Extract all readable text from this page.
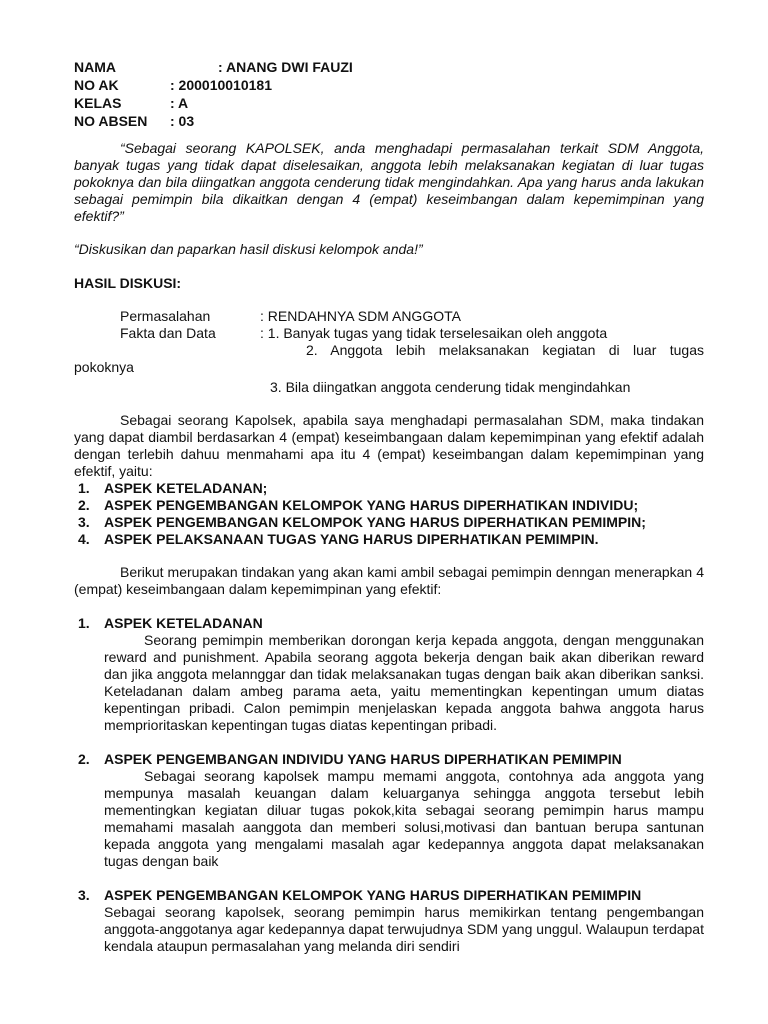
NAMA	: ANANG DWI FAUZI
NO AK	: 200010010181
KELAS	: A
NO ABSEN	: 03

“Sebagai seorang KAPOLSEK, anda menghadapi permasalahan terkait SDM Anggota, banyak tugas yang tidak dapat diselesaikan, anggota lebih melaksanakan kegiatan di luar tugas pokoknya dan bila diingatkan anggota cenderung tidak mengindahkan. Apa yang harus anda lakukan sebagai pemimpin bila dikaitkan dengan 4 (empat) keseimbangan dalam kepemimpinan yang efektif?”

“Diskusikan dan paparkan hasil diskusi kelompok anda!”

HASIL DISKUSI:
Permasalahan	: RENDAHNYA SDM ANGGOTA
Fakta dan Data	: 1. Banyak tugas yang tidak terselesaikan oleh anggota
2. Anggota lebih melaksanakan kegiatan di luar tugas
pokoknya
3. Bila diingatkan anggota cenderung tidak mengindahkan

Sebagai seorang Kapolsek, apabila saya menghadapi permasalahan SDM, maka tindakan yang dapat diambil berdasarkan 4 (empat) keseimbangaan dalam kepemimpinan yang efektif adalah dengan terlebih dahuu menmahami apa itu 4 (empat) keseimbangan dalam kepemimpinan yang efektif, yaitu:

1.	ASPEK KETELADANAN;
2.	ASPEK PENGEMBANGAN KELOMPOK YANG HARUS DIPERHATIKAN INDIVIDU;
3.	ASPEK PENGEMBANGAN KELOMPOK YANG HARUS DIPERHATIKAN PEMIMPIN;
4.	ASPEK PELAKSANAAN TUGAS YANG HARUS DIPERHATIKAN PEMIMPIN.

Berikut merupakan tindakan yang akan kami ambil sebagai pemimpin denngan menerapkan 4 (empat) keseimbangaan dalam kepemimpinan yang efektif:

1.	ASPEK KETELADANAN

Seorang pemimpin memberikan dorongan kerja kepada anggota, dengan menggunakan reward and punishment. Apabila seorang aggota bekerja dengan baik akan diberikan reward dan jika anggota melannggar dan tidak melaksanakan tugas dengan baik akan diberikan sanksi. Keteladanan dalam ambeg parama aeta, yaitu mementingkan kepentingan umum diatas kepentingan pribadi. Calon pemimpin menjelaskan kepada anggota bahwa anggota harus memprioritaskan kepentingan tugas diatas kepentingan pribadi.

2.	ASPEK PENGEMBANGAN INDIVIDU YANG HARUS DIPERHATIKAN PEMIMPIN

Sebagai seorang kapolsek mampu memami anggota, contohnya ada anggota yang mempunya masalah keuangan dalam keluarganya sehingga anggota tersebut lebih mementingkan kegiatan diluar tugas pokok,kita sebagai seorang pemimpin harus mampu memahami masalah aanggota dan memberi solusi,motivasi dan bantuan berupa santunan kepada anggota yang mengalami masalah agar kedepannya anggota dapat melaksanakan tugas dengan baik

3.	ASPEK PENGEMBANGAN KELOMPOK YANG HARUS DIPERHATIKAN PEMIMPIN

Sebagai seorang kapolsek, seorang pemimpin harus memikirkan tentang pengembangan anggota-anggotanya agar kedepannya dapat terwujudnya SDM yang unggul. Walaupun terdapat kendala ataupun permasalahan yang melanda diri sendiri
